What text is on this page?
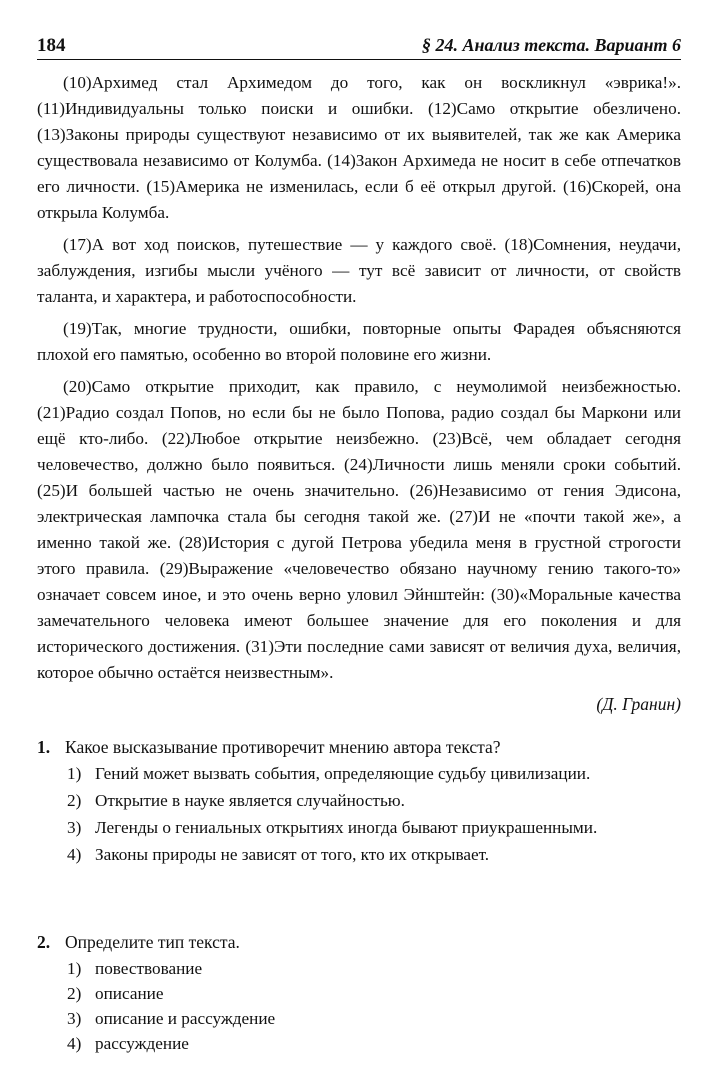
184	§ 24. Анализ текста. Вариант 6

(10)Архимед стал Архимедом до того, как он воскликнул «эврика!». (11)Индивидуальны только поиски и ошибки. (12)Само открытие обезличено. (13)Законы природы существуют независимо от их выявителей, так же как Америка существовала независимо от Колумба. (14)Закон Архимеда не носит в себе отпечатков его личности. (15)Америка не изменилась, если б её открыл другой. (16)Скорей, она открыла Колумба.

(17)А вот ход поисков, путешествие — у каждого своё. (18)Сомнения, неудачи, заблуждения, изгибы мысли учёного — тут всё зависит от личности, от свойств таланта, и характера, и работоспособности.

(19)Так, многие трудности, ошибки, повторные опыты Фарадея объясняются плохой его памятью, особенно во второй половине его жизни.

(20)Само открытие приходит, как правило, с неумолимой неизбежностью. (21)Радио создал Попов, но если бы не было Попова, радио создал бы Маркони или ещё кто-либо. (22)Любое открытие неизбежно. (23)Всё, чем обладает сегодня человечество, должно было появиться. (24)Личности лишь меняли сроки событий. (25)И большей частью не очень значительно. (26)Независимо от гения Эдисона, электрическая лампочка стала бы сегодня такой же. (27)И не «почти такой же», а именно такой же. (28)История с дугой Петрова убедила меня в грустной строгости этого правила. (29)Выражение «человечество обязано научному гению такого-то» означает совсем иное, и это очень верно уловил Эйнштейн: (30)«Моральные качества замечательного человека имеют большее значение для его поколения и для исторического достижения. (31)Эти последние сами зависят от величия духа, величия, которое обычно остаётся неизвестным».

(Д. Гранин)
1. Какое высказывание противоречит мнению автора текста?
1) Гений может вызвать события, определяющие судьбу цивилизации.
2) Открытие в науке является случайностью.
3) Легенды о гениальных открытиях иногда бывают приукрашенными.
4) Законы природы не зависят от того, кто их открывает.
2. Определите тип текста.
1) повествование
2) описание
3) описание и рассуждение
4) рассуждение
